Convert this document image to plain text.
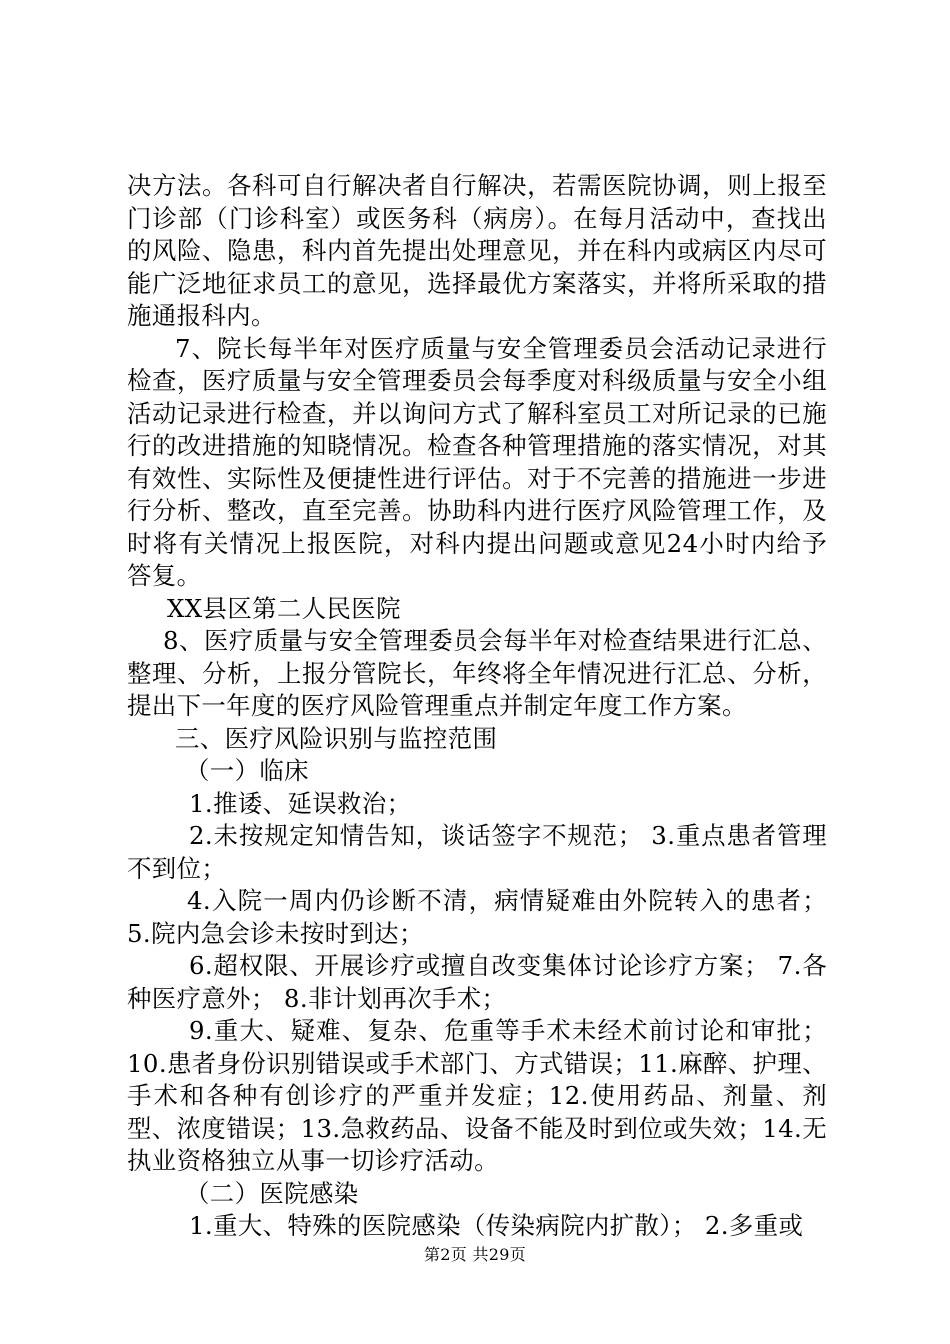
决方法。各科可自行解决者自行解决，若需医院协调，则上报至门诊部（门诊科室）或医务科（病房）。在每月活动中，查找出的风险、隐患，科内首先提出处理意见，并在科内或病区内尽可能广泛地征求员工的意见，选择最优方案落实，并将所采取的措施通报科内。

7、院长每半年对医疗质量与安全管理委员会活动记录进行检查，医疗质量与安全管理委员会每季度对科级质量与安全小组活动记录进行检查，并以询问方式了解科室员工对所记录的已施行的改进措施的知晓情况。检查各种管理措施的落实情况，对其有效性、实际性及便捷性进行评估。对于不完善的措施进一步进行分析、整改，直至完善。协助科内进行医疗风险管理工作，及时将有关情况上报医院，对科内提出问题或意见24小时内给予答复。

XX县区第二人民医院

8、医疗质量与安全管理委员会每半年对检查结果进行汇总、整理、分析，上报分管院长，年终将全年情况进行汇总、分析，提出下一年度的医疗风险管理重点并制定年度工作方案。

三、医疗风险识别与监控范围

（一）临床

1.推诿、延误救治；

2.未按规定知情告知，谈话签字不规范； 3.重点患者管理不到位；

4.入院一周内仍诊断不清，病情疑难由外院转入的患者； 5.院内急会诊未按时到达；

6.超权限、开展诊疗或擅自改变集体讨论诊疗方案； 7.各种医疗意外； 8.非计划再次手术；

9.重大、疑难、复杂、危重等手术未经术前讨论和审批； 10.患者身份识别错误或手术部门、方式错误；11.麻醉、护理、手术和各种有创诊疗的严重并发症；12.使用药品、剂量、剂型、浓度错误；13.急救药品、设备不能及时到位或失效；14.无执业资格独立从事一切诊疗活动。

（二）医院感染

1.重大、特殊的医院感染（传染病院内扩散）； 2.多重或

第2页 共29页
